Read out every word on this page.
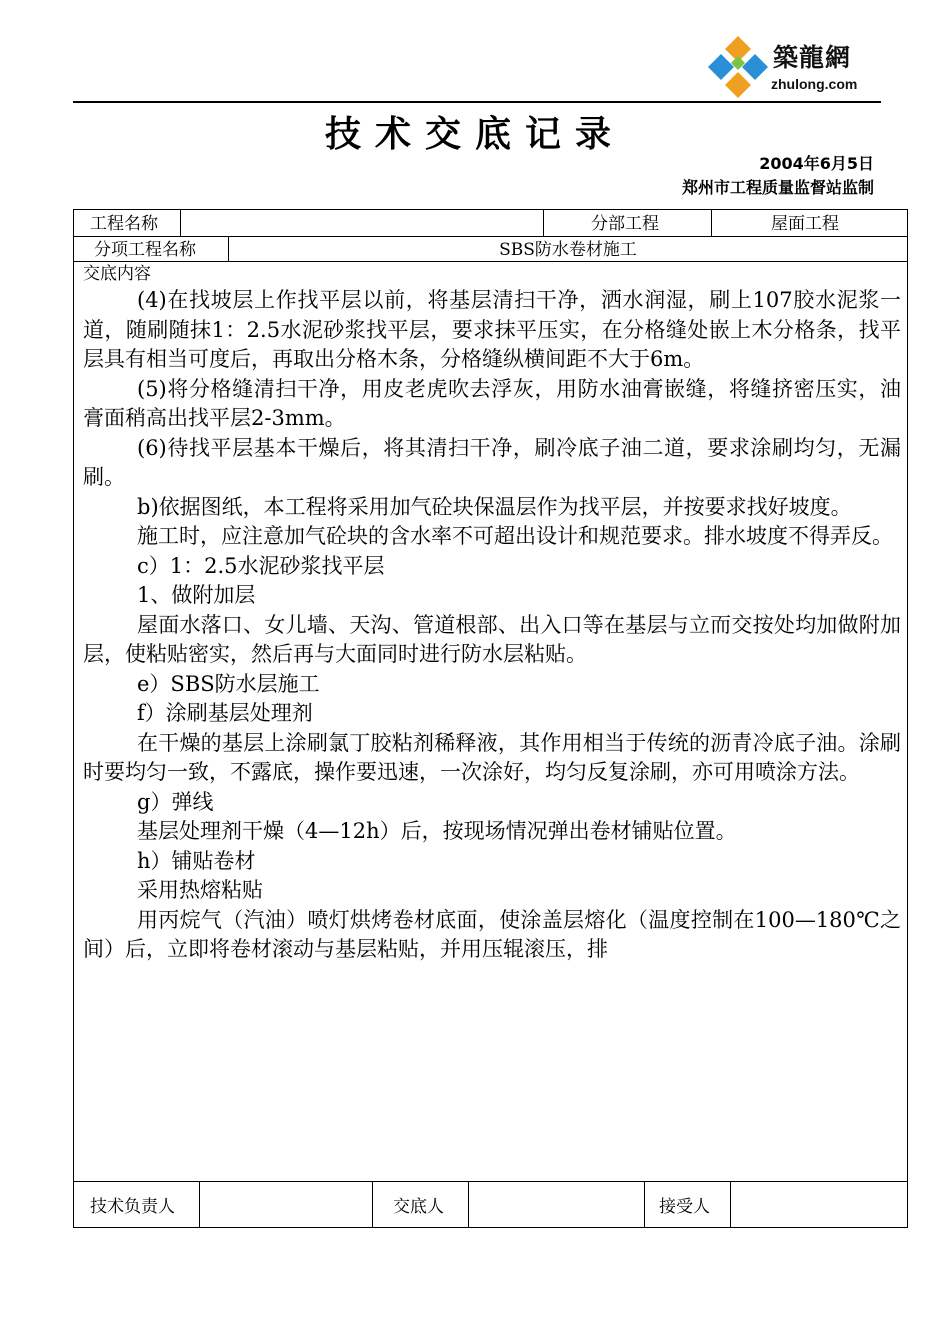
築龍網
zhulong.com
技术交底记录
2004年6月5日
郑州市工程质量监督站监制
工程名称	分部工程	屋面工程
分项工程名称	SBS防水卷材施工
交底内容

(4)在找坡层上作找平层以前，将基层清扫干净，洒水润湿，刷上107胶水泥浆一道，随刷随抹1：2.5水泥砂浆找平层，要求抹平压实，在分格缝处嵌上木分格条，找平层具有相当可度后，再取出分格木条，分格缝纵横间距不大于6m。

(5)将分格缝清扫干净，用皮老虎吹去浮灰，用防水油膏嵌缝，将缝挤密压实，油膏面稍高出找平层2-3mm。

(6)待找平层基本干燥后，将其清扫干净，刷冷底子油二道，要求涂刷均匀，无漏刷。

b)依据图纸，本工程将采用加气砼块保温层作为找平层，并按要求找好坡度。

施工时，应注意加气砼块的含水率不可超出设计和规范要求。排水坡度不得弄反。

c）1：2.5水泥砂浆找平层

1、做附加层

屋面水落口、女儿墙、天沟、管道根部、出入口等在基层与立而交按处均加做附加层，使粘贴密实，然后再与大面同时进行防水层粘贴。

e）SBS防水层施工

f）涂刷基层处理剂

在干燥的基层上涂刷氯丁胶粘剂稀释液，其作用相当于传统的沥青冷底子油。涂刷时要均匀一致，不露底，操作要迅速，一次涂好，均匀反复涂刷，亦可用喷涂方法。

g）弹线

基层处理剂干燥（4—12h）后，按现场情况弹出卷材铺贴位置。

h）铺贴卷材

采用热熔粘贴

用丙烷气（汽油）喷灯烘烤卷材底面，使涂盖层熔化（温度控制在100—180℃之间）后，立即将卷材滚动与基层粘贴，并用压辊滚压，排

技术负责人	交底人	接受人
